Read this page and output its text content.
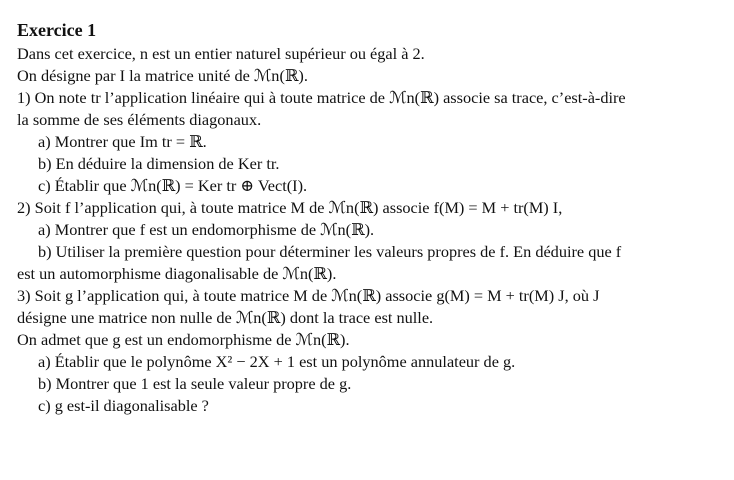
Exercice 1
Dans cet exercice, n est un entier naturel supérieur ou égal à 2.
On désigne par I la matrice unité de ℳn(ℝ).
1) On note tr l’application linéaire qui à toute matrice de ℳn(ℝ) associe sa trace, c’est-à-dire
la somme de ses éléments diagonaux.
a) Montrer que Im tr = ℝ.
b) En déduire la dimension de Ker tr.
c) Établir que ℳn(ℝ) = Ker tr ⊕ Vect(I).
2) Soit f l’application qui, à toute matrice M de ℳn(ℝ) associe f(M) = M + tr(M) I,
a) Montrer que f est un endomorphisme de ℳn(ℝ).
b) Utiliser la première question pour déterminer les valeurs propres de f. En déduire que f
est un automorphisme diagonalisable de ℳn(ℝ).
3) Soit g l’application qui, à toute matrice M de ℳn(ℝ) associe g(M) = M + tr(M) J, où J
désigne une matrice non nulle de ℳn(ℝ) dont la trace est nulle.
On admet que g est un endomorphisme de ℳn(ℝ).
a) Établir que le polynôme X² − 2X + 1 est un polynôme annulateur de g.
b) Montrer que 1 est la seule valeur propre de g.
c) g est-il diagonalisable ?
